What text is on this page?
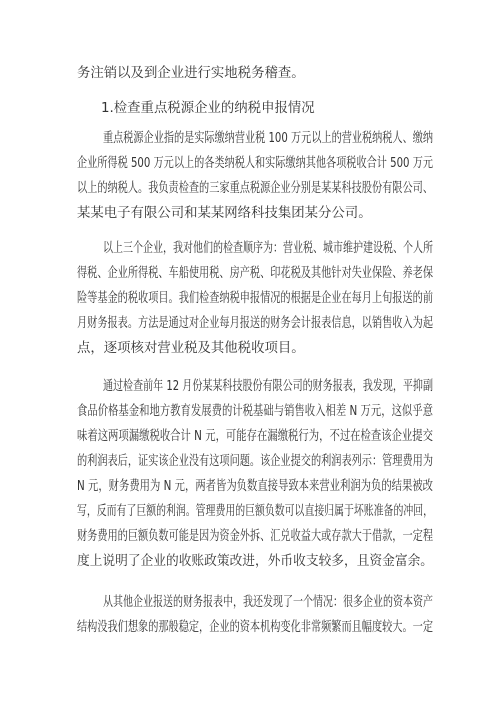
务注销以及到企业进行实地税务稽查。
1.检查重点税源企业的纳税申报情况
重点税源企业指的是实际缴纳营业税 100 万元以上的营业税纳税人、缴纳
企业所得税 500 万元以上的各类纳税人和实际缴纳其他各项税收合计 500 万元
以上的纳税人。我负责检查的三家重点税源企业分别是某某科技股份有限公司、
某某电子有限公司和某某网络科技集团某分公司。
以上三个企业，我对他们的检查顺序为：营业税、城市维护建设税、个人所
得税、企业所得税、车船使用税、房产税、印花税及其他针对失业保险、养老保
险等基金的税收项目。我们检查纳税申报情况的根据是企业在每月上旬报送的前
月财务报表。方法是通过对企业每月报送的财务会计报表信息，以销售收入为起
点，逐项核对营业税及其他税收项目。
通过检查前年 12 月份某某科技股份有限公司的财务报表，我发现，平抑副
食品价格基金和地方教育发展费的计税基础与销售收入相差 N 万元，这似乎意
味着这两项漏缴税收合计 N 元，可能存在漏缴税行为，不过在检查该企业提交
的利润表后，证实该企业没有这项问题。该企业提交的利润表列示：管理费用为
N 元，财务费用为 N 元，两者皆为负数直接导致本来营业利润为负的结果被改
写，反而有了巨额的利润。管理费用的巨额负数可以直接归属于坏账准备的冲回，
财务费用的巨额负数可能是因为资金外拆、汇兑收益大或存款大于借款，一定程
度上说明了企业的收账政策改进，外币收支较多，且资金富余。
从其他企业报送的财务报表中，我还发现了一个情况：很多企业的资本资产
结构没我们想象的那般稳定，企业的资本机构变化非常频繁而且幅度较大。一定
